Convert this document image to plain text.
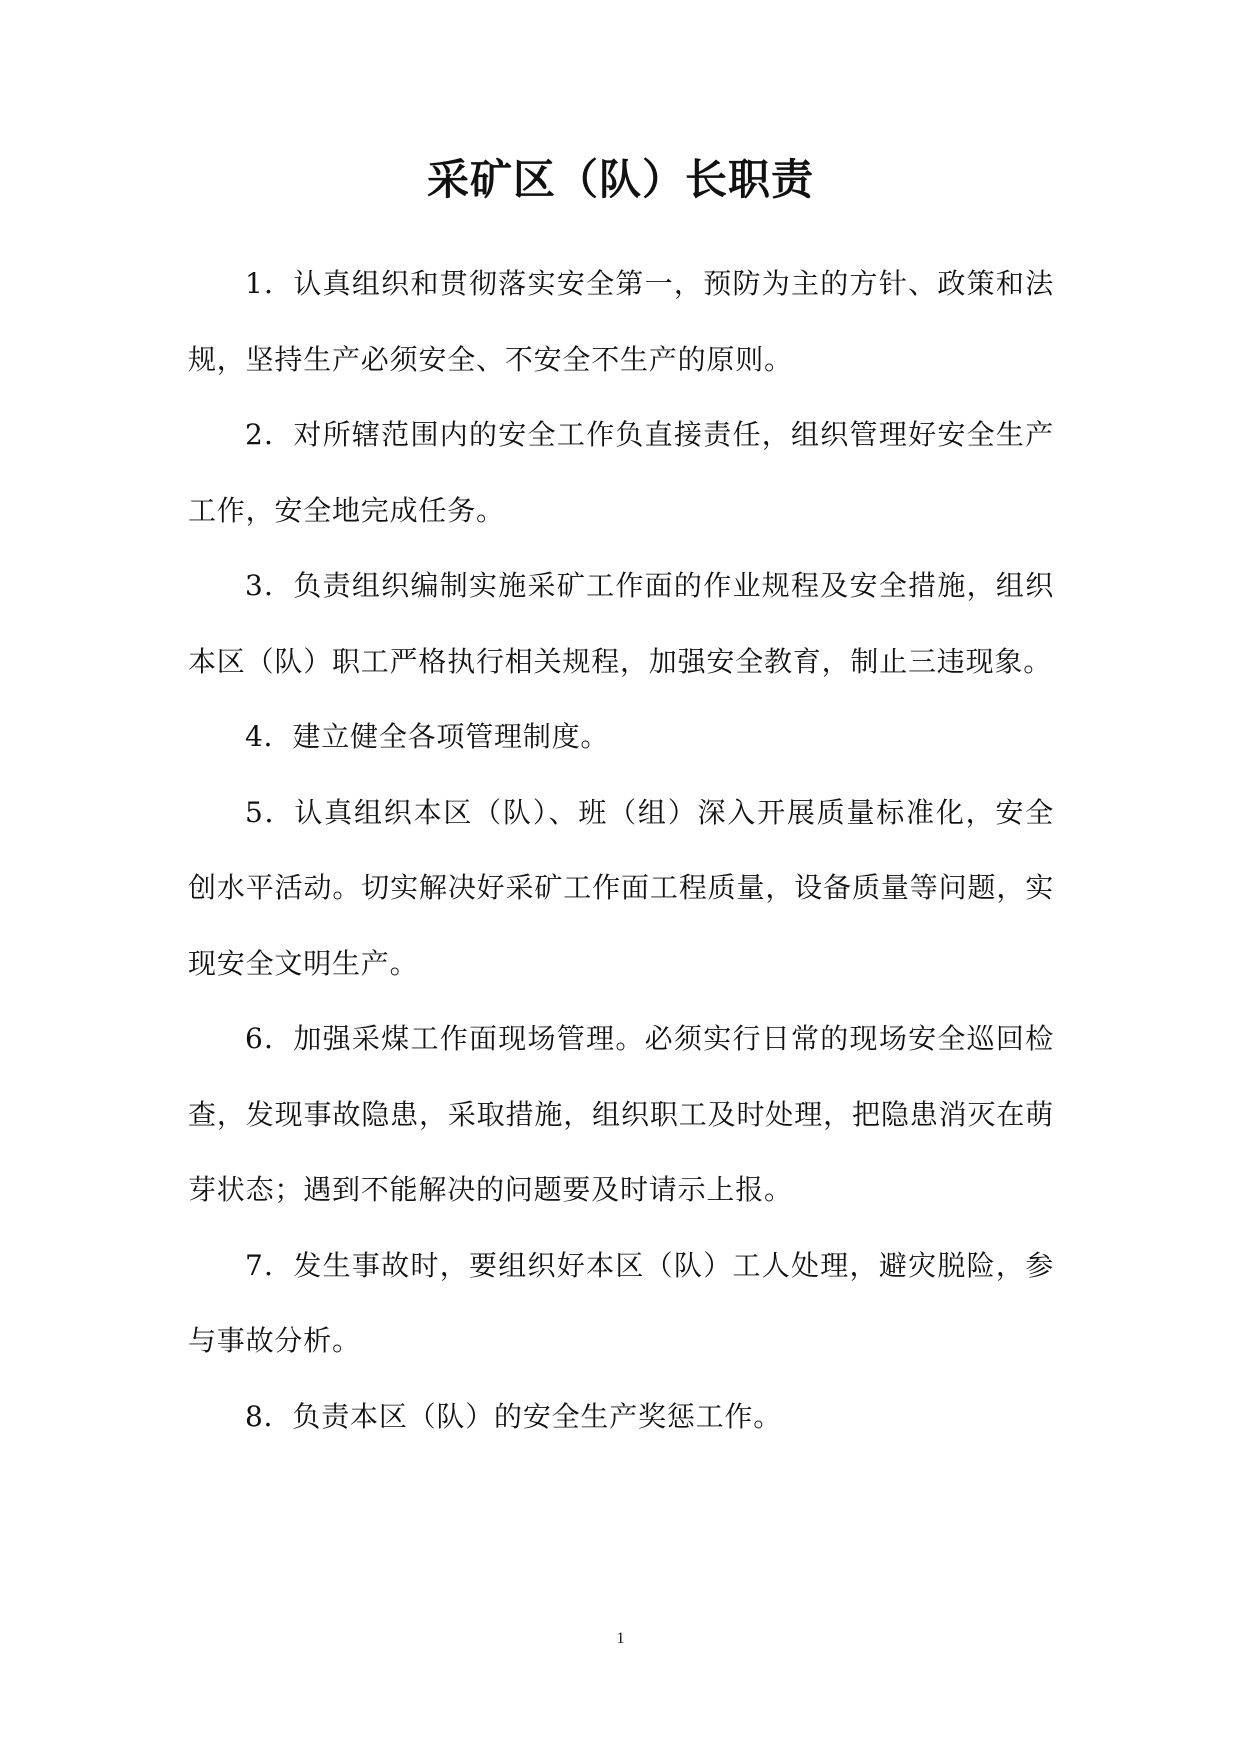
采矿区（队）长职责

1．认真组织和贯彻落实安全第一，预防为主的方针、政策和法规，坚持生产必须安全、不安全不生产的原则。

2．对所辖范围内的安全工作负直接责任，组织管理好安全生产工作，安全地完成任务。

3．负责组织编制实施采矿工作面的作业规程及安全措施，组织本区（队）职工严格执行相关规程，加强安全教育，制止三违现象。

4．建立健全各项管理制度。

5．认真组织本区（队）、班（组）深入开展质量标准化，安全创水平活动。切实解决好采矿工作面工程质量，设备质量等问题，实现安全文明生产。

6．加强采煤工作面现场管理。必须实行日常的现场安全巡回检查，发现事故隐患，采取措施，组织职工及时处理，把隐患消灭在萌芽状态；遇到不能解决的问题要及时请示上报。

7．发生事故时，要组织好本区（队）工人处理，避灾脱险，参与事故分析。

8．负责本区（队）的安全生产奖惩工作。

1
